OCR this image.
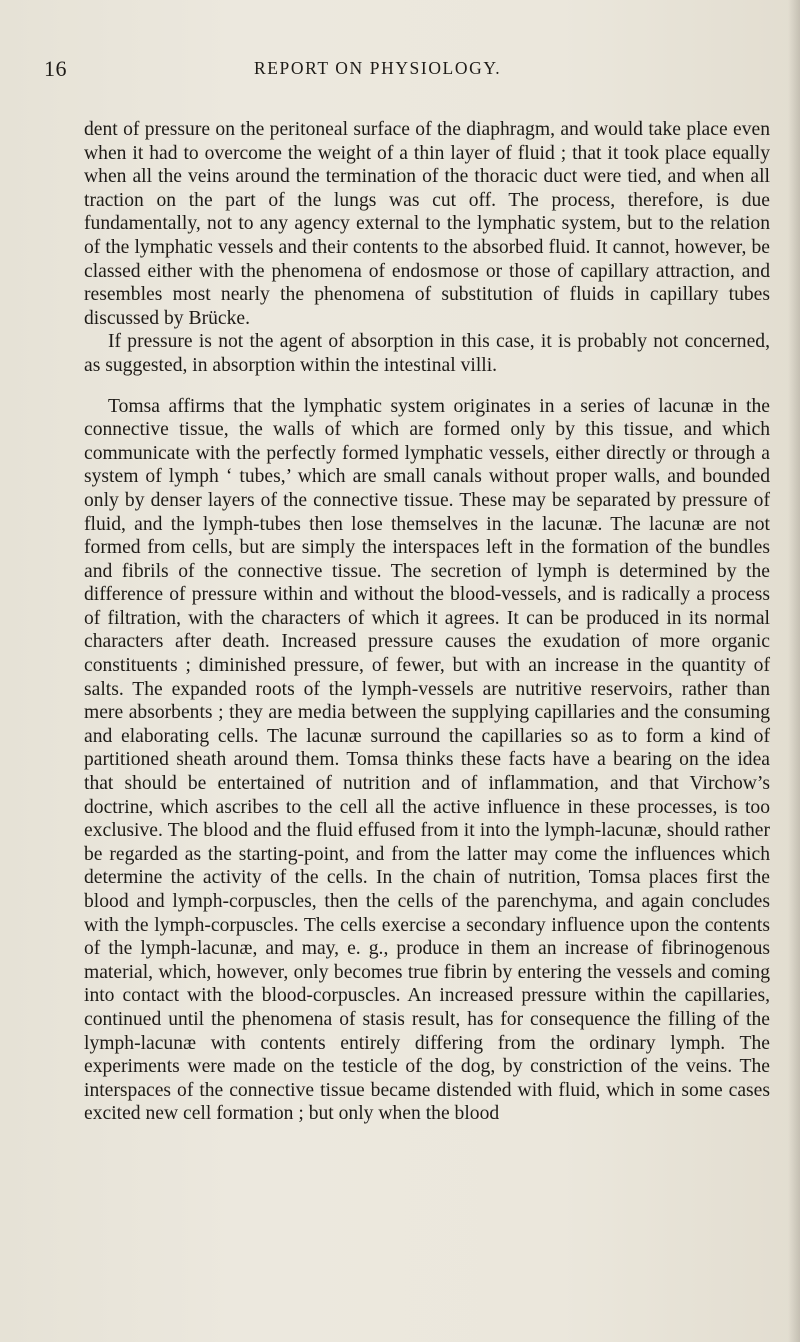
16	REPORT ON PHYSIOLOGY.

dent of pressure on the peritoneal surface of the diaphragm, and would take place even when it had to overcome the weight of a thin layer of fluid ; that it took place equally when all the veins around the termination of the thoracic duct were tied, and when all traction on the part of the lungs was cut off. The process, therefore, is due fundamentally, not to any agency external to the lymphatic system, but to the relation of the lymphatic vessels and their contents to the absorbed fluid. It cannot, however, be classed either with the phenomena of endosmose or those of capillary attraction, and resembles most nearly the phenomena of substitution of fluids in capillary tubes discussed by Brücke.

If pressure is not the agent of absorption in this case, it is probably not concerned, as suggested, in absorption within the intestinal villi.

Tomsa affirms that the lymphatic system originates in a series of lacunæ in the connective tissue, the walls of which are formed only by this tissue, and which communicate with the perfectly formed lymphatic vessels, either directly or through a system of lymph ‘ tubes,’ which are small canals without proper walls, and bounded only by denser layers of the connective tissue. These may be separated by pressure of fluid, and the lymph-tubes then lose themselves in the lacunæ. The lacunæ are not formed from cells, but are simply the interspaces left in the formation of the bundles and fibrils of the connective tissue. The secretion of lymph is determined by the difference of pressure within and without the blood-vessels, and is radically a process of filtration, with the characters of which it agrees. It can be produced in its normal characters after death. Increased pressure causes the exudation of more organic constituents ; diminished pressure, of fewer, but with an increase in the quantity of salts. The expanded roots of the lymph-vessels are nutritive reservoirs, rather than mere absorbents ; they are media between the supplying capillaries and the consuming and elaborating cells. The lacunæ surround the capillaries so as to form a kind of partitioned sheath around them. Tomsa thinks these facts have a bearing on the idea that should be entertained of nutrition and of inflammation, and that Virchow’s doctrine, which ascribes to the cell all the active influence in these processes, is too exclusive. The blood and the fluid effused from it into the lymph-lacunæ, should rather be regarded as the starting-point, and from the latter may come the influences which determine the activity of the cells. In the chain of nutrition, Tomsa places first the blood and lymph-corpuscles, then the cells of the parenchyma, and again concludes with the lymph-corpuscles. The cells exercise a secondary influence upon the contents of the lymph-lacunæ, and may, e. g., produce in them an increase of fibrinogenous material, which, however, only becomes true fibrin by entering the vessels and coming into contact with the blood-corpuscles. An increased pressure within the capillaries, continued until the phenomena of stasis result, has for consequence the filling of the lymph-lacunæ with contents entirely differing from the ordinary lymph. The experiments were made on the testicle of the dog, by constriction of the veins. The interspaces of the connective tissue became distended with fluid, which in some cases excited new cell formation ; but only when the blood
